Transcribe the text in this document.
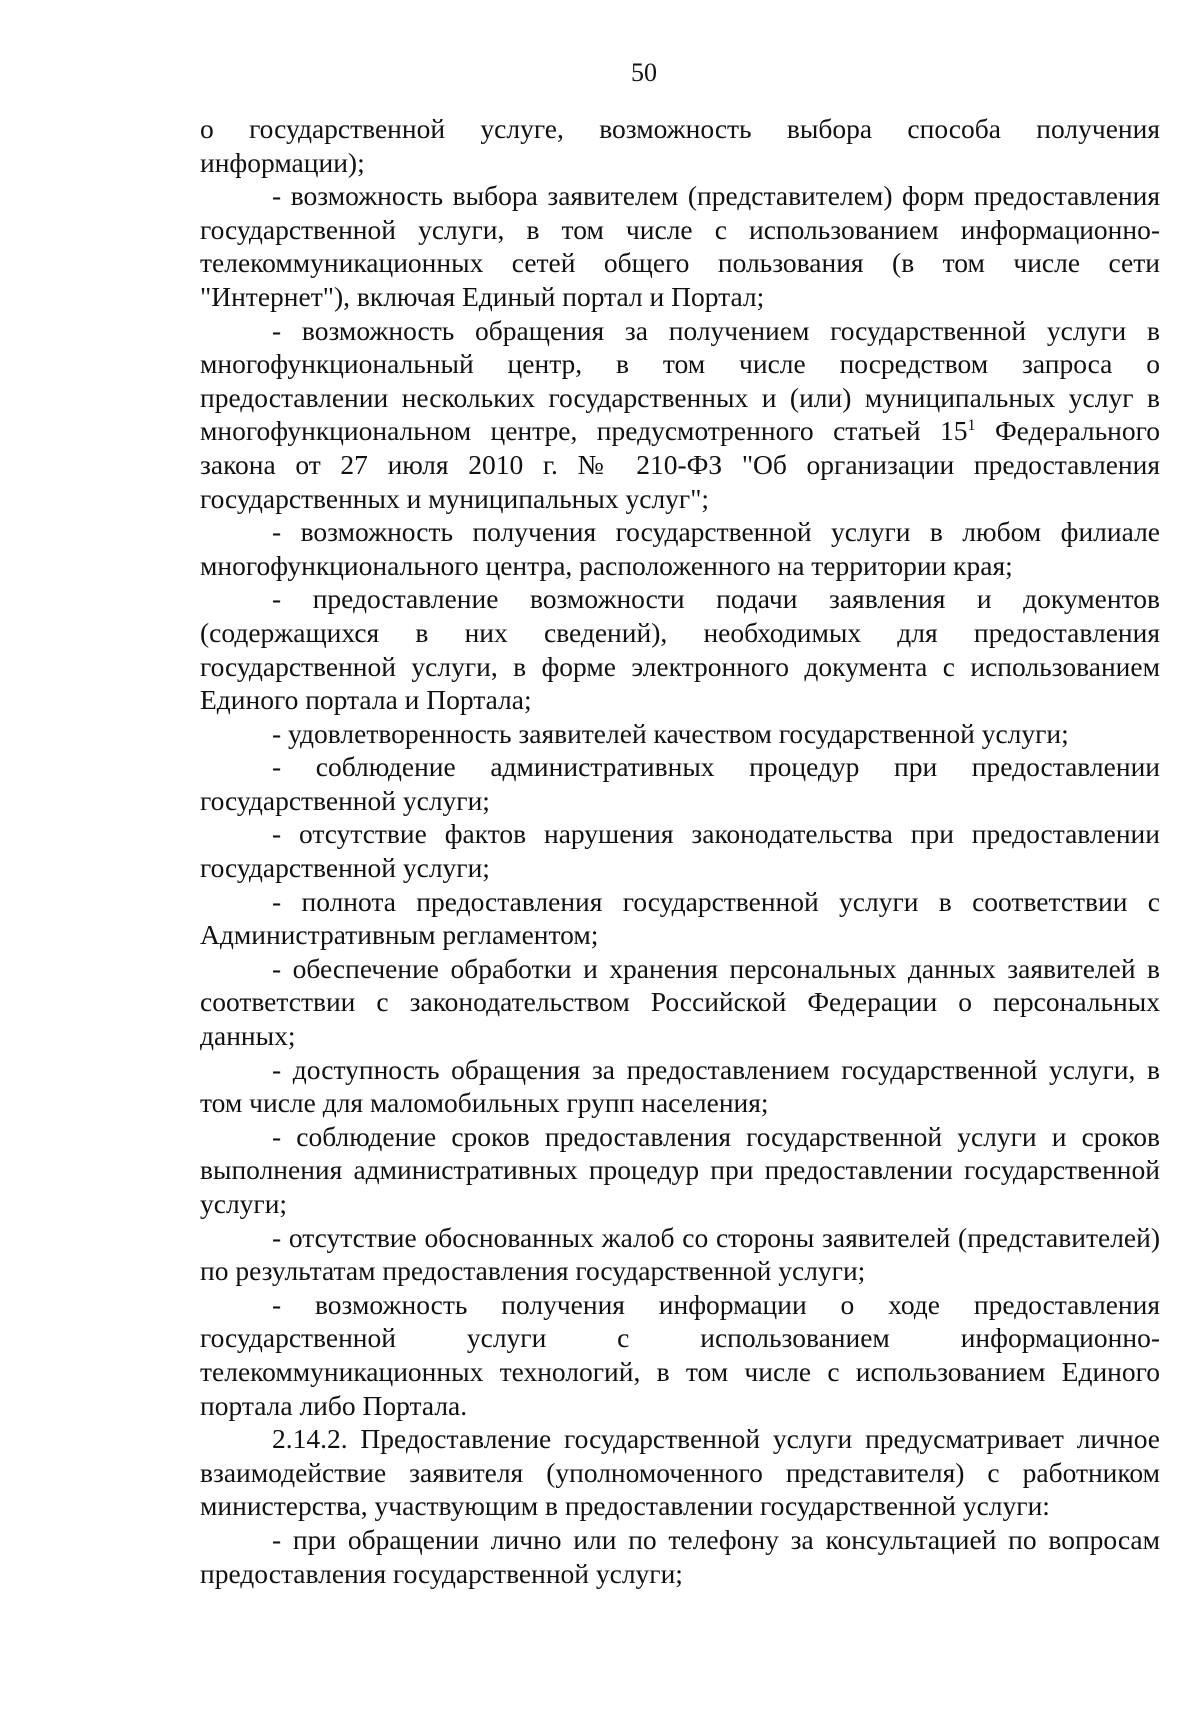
50

о государственной услуге, возможность выбора способа получения информации);

- возможность выбора заявителем (представителем) форм предоставления государственной услуги, в том числе с использованием информационно-телекоммуникационных сетей общего пользования (в том числе сети "Интернет"), включая Единый портал и Портал;

- возможность обращения за получением государственной услуги в многофункциональный центр, в том числе посредством запроса о предоставлении нескольких государственных и (или) муниципальных услуг в многофункциональном центре, предусмотренного статьей $15^1$ Федерального закона от 27 июля 2010 г. № 210-ФЗ "Об организации предоставления государственных и муниципальных услуг";

- возможность получения государственной услуги в любом филиале многофункционального центра, расположенного на территории края;

- предоставление возможности подачи заявления и документов (содержащихся в них сведений), необходимых для предоставления государственной услуги, в форме электронного документа с использованием Единого портала и Портала;

- удовлетворенность заявителей качеством государственной услуги;

- соблюдение административных процедур при предоставлении государственной услуги;

- отсутствие фактов нарушения законодательства при предоставлении государственной услуги;

- полнота предоставления государственной услуги в соответствии с Административным регламентом;

- обеспечение обработки и хранения персональных данных заявителей в соответствии с законодательством Российской Федерации о персональных данных;

- доступность обращения за предоставлением государственной услуги, в том числе для маломобильных групп населения;

- соблюдение сроков предоставления государственной услуги и сроков выполнения административных процедур при предоставлении государственной услуги;

- отсутствие обоснованных жалоб со стороны заявителей (представителей) по результатам предоставления государственной услуги;

- возможность получения информации о ходе предоставления государственной услуги с использованием информационно-телекоммуникационных технологий, в том числе с использованием Единого портала либо Портала.

2.14.2. Предоставление государственной услуги предусматривает личное взаимодействие заявителя (уполномоченного представителя) с работником министерства, участвующим в предоставлении государственной услуги:

- при обращении лично или по телефону за консультацией по вопросам предоставления государственной услуги;
